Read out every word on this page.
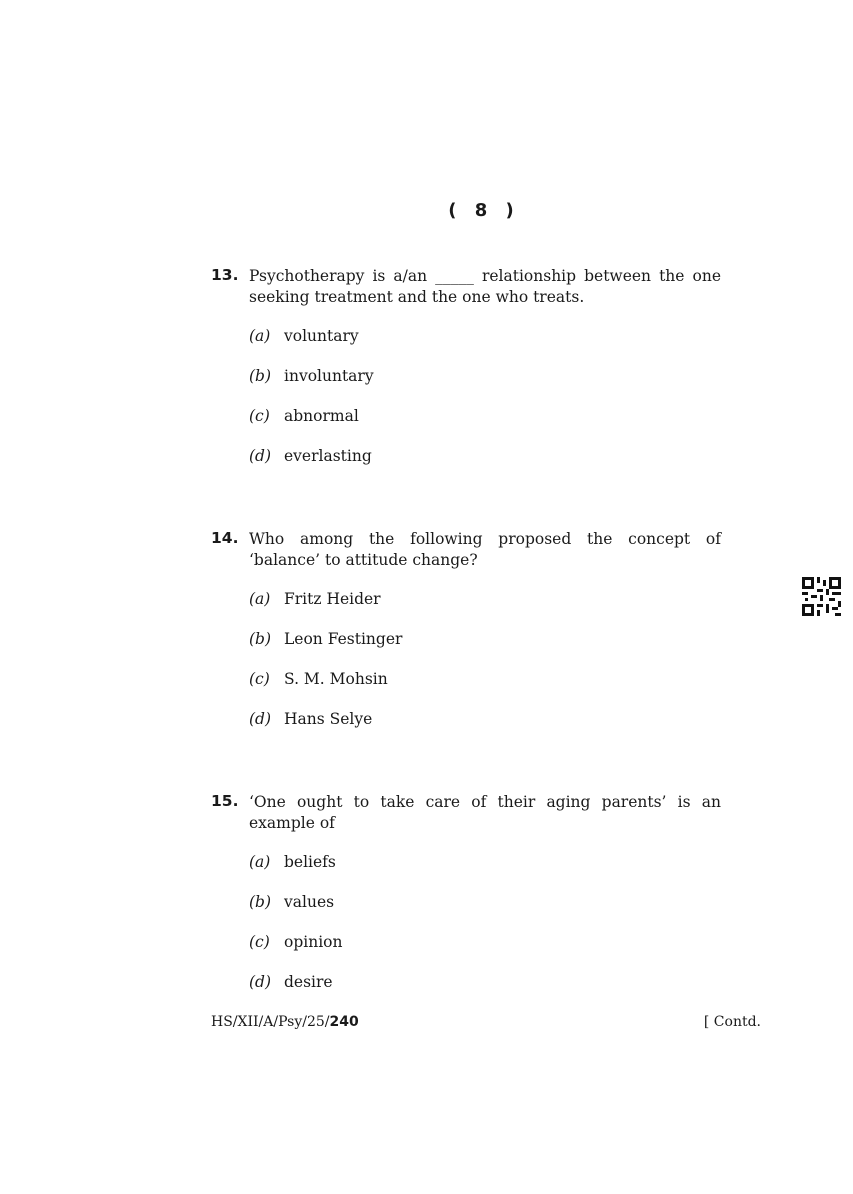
( 8 )
13. Psychotherapy is a/an _____ relationship between the one seeking treatment and the one who treats.
(a) voluntary
(b) involuntary
(c) abnormal
(d) everlasting
14. Who among the following proposed the concept of ‘balance’ to attitude change?
(a) Fritz Heider
(b) Leon Festinger
(c) S. M. Mohsin
(d) Hans Selye
15. ‘One ought to take care of their aging parents’ is an example of
(a) beliefs
(b) values
(c) opinion
(d) desire
HS/XII/A/Psy/25/240	[ Contd.
